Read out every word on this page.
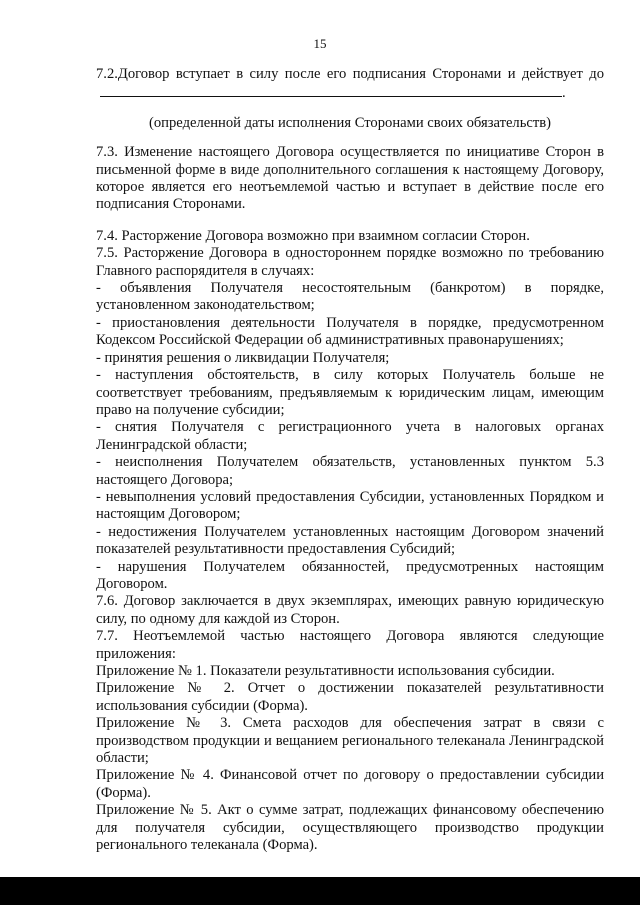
15

7.2.Договор вступает в силу после его подписания Сторонами и действует до.

(определенной даты исполнения Сторонами своих обязательств)

7.3. Изменение настоящего Договора осуществляется по инициативе Сторон в письменной форме в виде дополнительного соглашения к настоящему Договору, которое является его неотъемлемой частью и вступает в действие после его подписания Сторонами.

7.4. Расторжение Договора возможно при взаимном согласии Сторон.

7.5. Расторжение Договора в одностороннем порядке возможно по требованию Главного распорядителя в случаях:

- объявления Получателя несостоятельным (банкротом) в порядке, установленном законодательством;

- приостановления деятельности Получателя в порядке, предусмотренном Кодексом Российской Федерации об административных правонарушениях;

- принятия решения о ликвидации Получателя;

- наступления обстоятельств, в силу которых Получатель больше не соответствует требованиям, предъявляемым к юридическим лицам, имеющим право на получение субсидии;

- снятия Получателя с регистрационного учета в налоговых органах Ленинградской области;

- неисполнения Получателем обязательств, установленных пунктом 5.3 настоящего Договора;

- невыполнения условий предоставления Субсидии, установленных Порядком и настоящим Договором;

- недостижения Получателем установленных настоящим Договором значений показателей результативности предоставления Субсидий;

- нарушения Получателем обязанностей, предусмотренных настоящим Договором.

7.6. Договор заключается в двух экземплярах, имеющих равную юридическую силу, по одному для каждой из Сторон.

7.7. Неотъемлемой частью настоящего Договора являются следующие приложения:

Приложение № 1. Показатели результативности использования субсидии.

Приложение № 2. Отчет о достижении показателей результативности использования субсидии (Форма).

Приложение № 3. Смета расходов для обеспечения затрат в связи с производством продукции и вещанием регионального телеканала Ленинградской области;

Приложение № 4. Финансовой отчет по договору о предоставлении субсидии (Форма).

Приложение № 5. Акт о сумме затрат, подлежащих финансовому обеспечению для получателя субсидии, осуществляющего производство продукции регионального телеканала (Форма).
